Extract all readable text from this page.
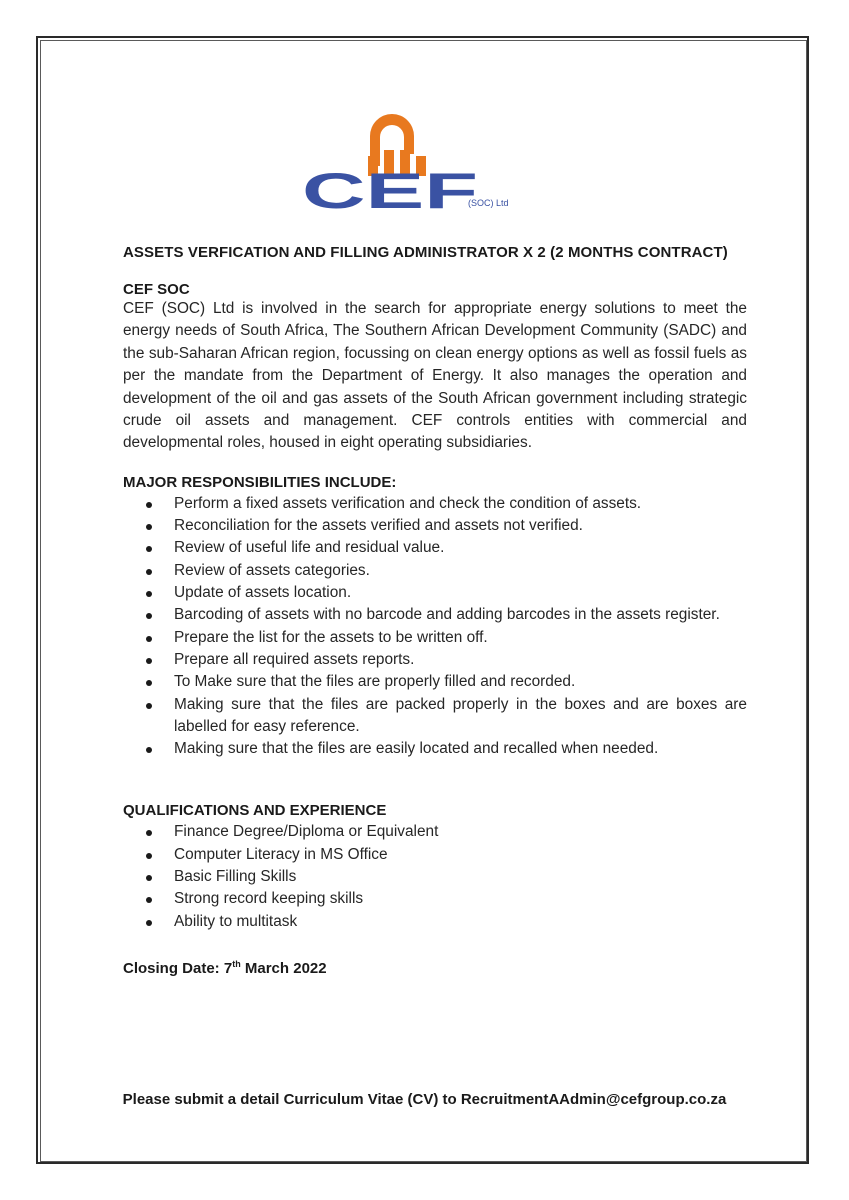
CEF
(SOC) Ltd

ASSETS VERFICATION AND FILLING ADMINISTRATOR X 2 (2 MONTHS CONTRACT)

CEF SOC

CEF (SOC) Ltd is involved in the search for appropriate energy solutions to meet the energy needs of South Africa, The Southern African Development Community (SADC) and the sub-Saharan African region, focussing on clean energy options as well as fossil fuels as per the mandate from the Department of Energy. It also manages the operation and development of the oil and gas assets of the South African government including strategic crude oil assets and management. CEF controls entities with commercial and developmental roles, housed in eight operating subsidiaries.

MAJOR RESPONSIBILITIES INCLUDE:

Perform a fixed assets verification and check the condition of assets.
Reconciliation for the assets verified and assets not verified.
Review of useful life and residual value.
Review of assets categories.
Update of assets location.
Barcoding of assets with no barcode and adding barcodes in the assets register.
Prepare the list for the assets to be written off.
Prepare all required assets reports.
To Make sure that the files are properly filled and recorded.
Making sure that the files are packed properly in the boxes and are boxes are labelled for easy reference.
Making sure that the files are easily located and recalled when needed.

QUALIFICATIONS AND EXPERIENCE

Finance Degree/Diploma or Equivalent
Computer Literacy in MS Office
Basic Filling Skills
Strong record keeping skills
Ability to multitask

Closing Date: 7th March 2022

Please submit a detail Curriculum Vitae (CV) to RecruitmentAAdmin@cefgroup.co.za
